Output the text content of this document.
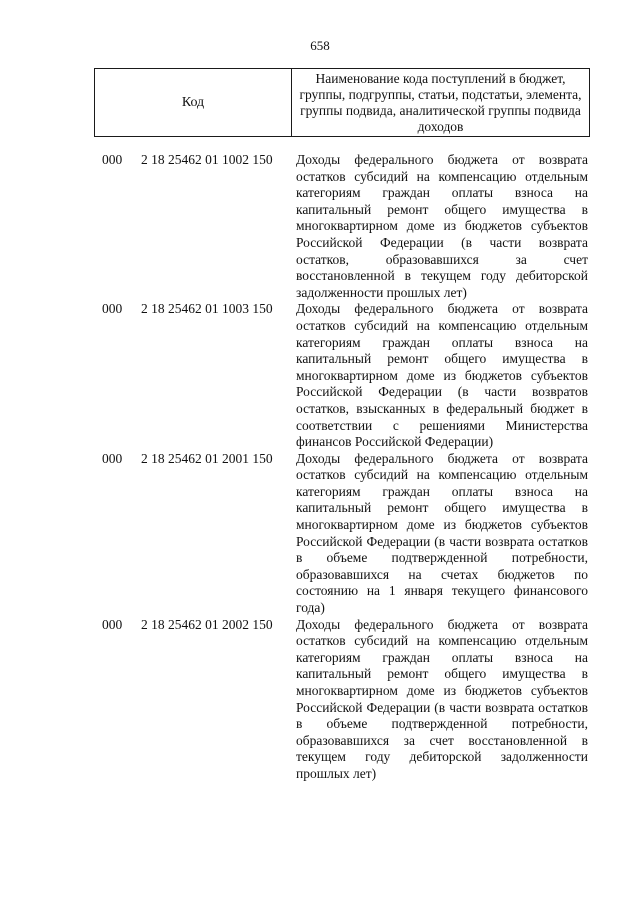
658
Код
Наименование кода поступлений в бюджет, группы, подгруппы, статьи, подстатьи, элемента, группы подвида, аналитической группы подвида доходов
000 2 18 25462 01 1002 150	Доходы федерального бюджета от возврата остатков субсидий на компенсацию отдельным категориям граждан оплаты взноса на капитальный ремонт общего имущества в многоквартирном доме из бюджетов субъектов Российской Федерации (в части возврата остатков, образовавшихся за счет восстановленной в текущем году дебиторской задолженности прошлых лет)
000 2 18 25462 01 1003 150	Доходы федерального бюджета от возврата остатков субсидий на компенсацию отдельным категориям граждан оплаты взноса на капитальный ремонт общего имущества в многоквартирном доме из бюджетов субъектов Российской Федерации (в части возвратов остатков, взысканных в федеральный бюджет в соответствии с решениями Министерства финансов Российской Федерации)
000 2 18 25462 01 2001 150	Доходы федерального бюджета от возврата остатков субсидий на компенсацию отдельным категориям граждан оплаты взноса на капитальный ремонт общего имущества в многоквартирном доме из бюджетов субъектов Российской Федерации (в части возврата остатков в объеме подтвержденной потребности, образовавшихся на счетах бюджетов по состоянию на 1 января текущего финансового года)
000 2 18 25462 01 2002 150	Доходы федерального бюджета от возврата остатков субсидий на компенсацию отдельным категориям граждан оплаты взноса на капитальный ремонт общего имущества в многоквартирном доме из бюджетов субъектов Российской Федерации (в части возврата остатков в объеме подтвержденной потребности, образовавшихся за счет восстановленной в текущем году дебиторской задолженности прошлых лет)
